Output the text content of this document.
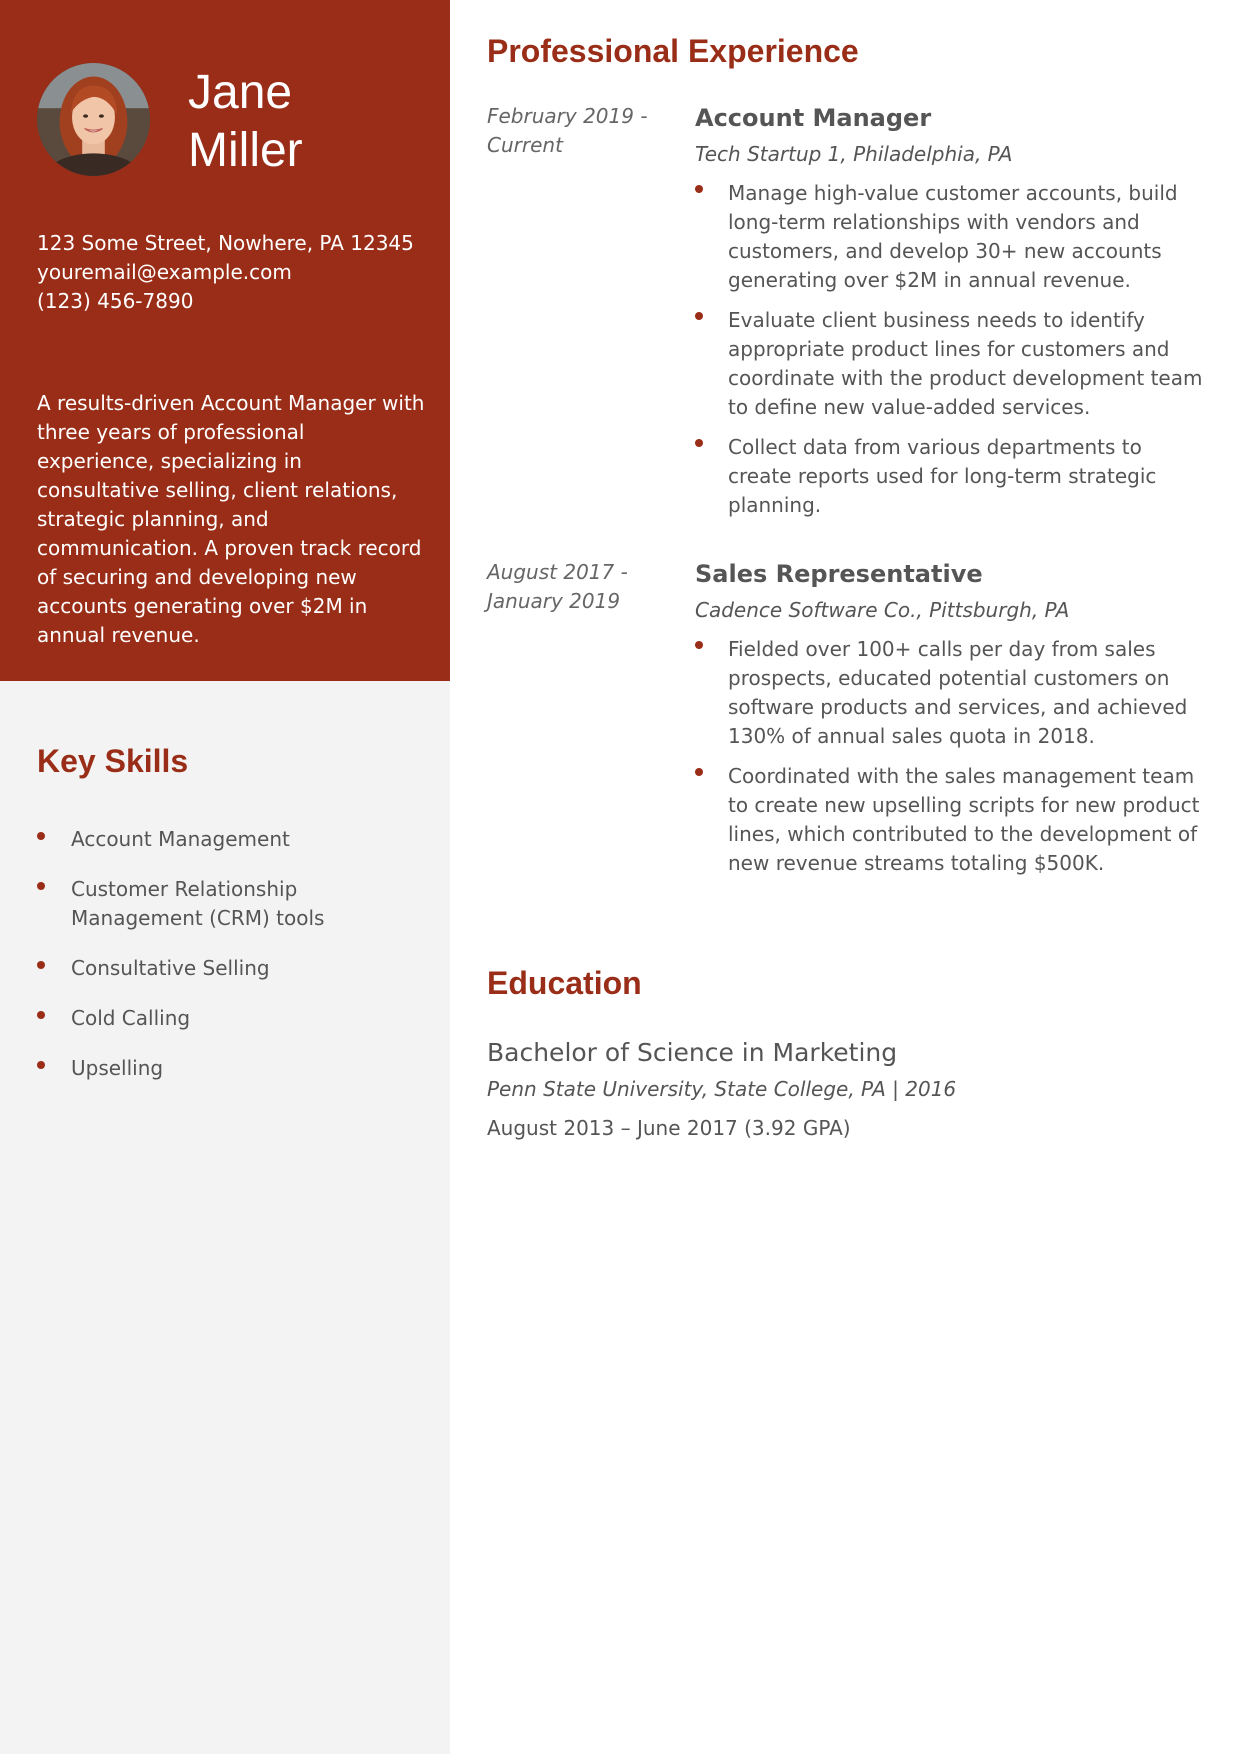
Jane
Miller
123 Some Street, Nowhere, PA 12345
youremail@example.com
(123) 456-7890

A results-driven Account Manager with three years of professional experience, specializing in consultative selling, client relations, strategic planning, and communication. A proven track record of securing and developing new accounts generating over $2M in annual revenue.

Key Skills
Account Management
Customer Relationship Management (CRM) tools
Consultative Selling
Cold Calling
Upselling
Professional Experience
February 2019 - Current
Account Manager
Tech Startup 1, Philadelphia, PA
Manage high-value customer accounts, build long-term relationships with vendors and customers, and develop 30+ new accounts generating over $2M in annual revenue.
Evaluate client business needs to identify appropriate product lines for customers and coordinate with the product development team to define new value-added services.
Collect data from various departments to create reports used for long-term strategic planning.
August 2017 - January 2019
Sales Representative
Cadence Software Co., Pittsburgh, PA
Fielded over 100+ calls per day from sales prospects, educated potential customers on software products and services, and achieved 130% of annual sales quota in 2018.
Coordinated with the sales management team to create new upselling scripts for new product lines, which contributed to the development of new revenue streams totaling $500K.
Education
Bachelor of Science in Marketing
Penn State University, State College, PA | 2016
August 2013 – June 2017 (3.92 GPA)
